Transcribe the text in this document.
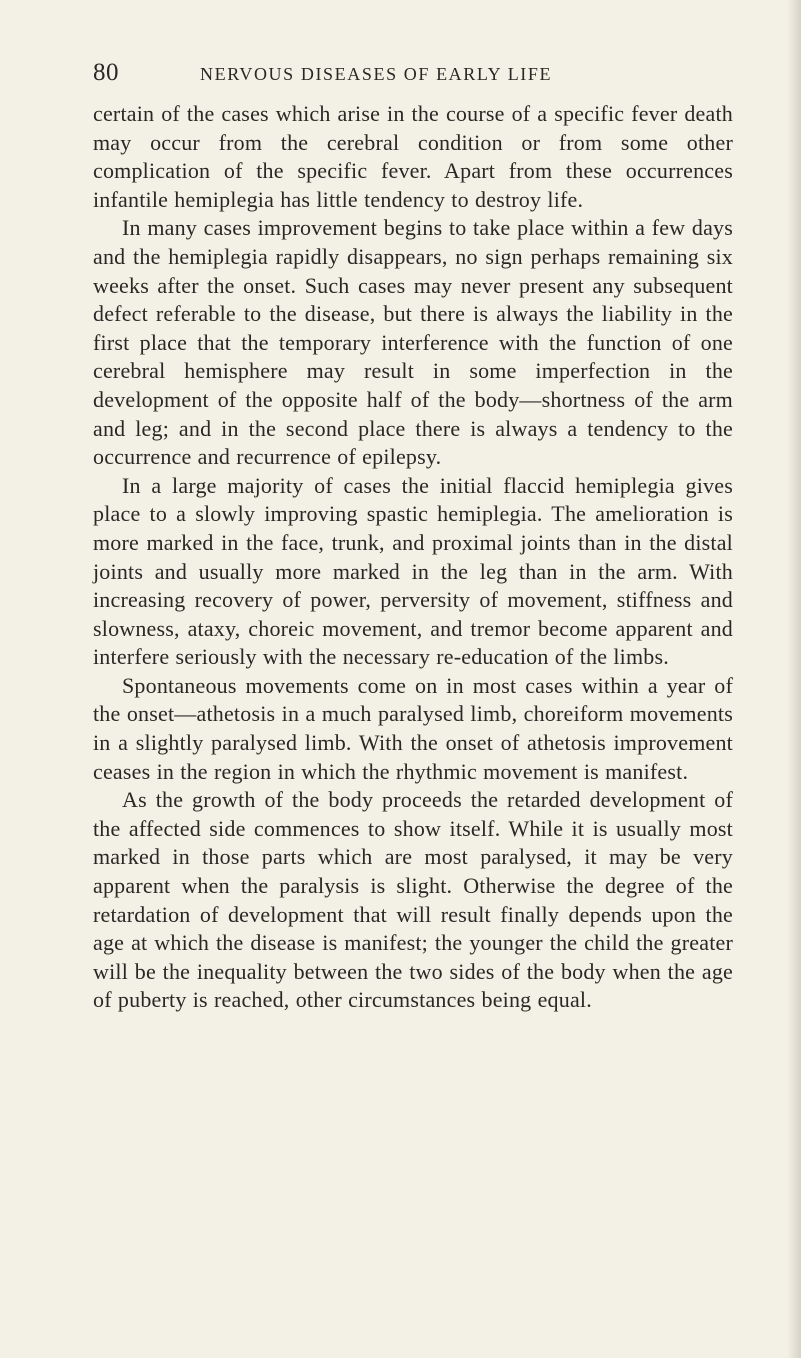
80	NERVOUS DISEASES OF EARLY LIFE

certain of the cases which arise in the course of a specific fever death may occur from the cerebral condition or from some other complication of the specific fever. Apart from these occurrences infantile hemiplegia has little tendency to destroy life.

In many cases improvement begins to take place within a few days and the hemiplegia rapidly disappears, no sign perhaps remaining six weeks after the onset. Such cases may never present any subsequent defect referable to the disease, but there is always the liability in the first place that the temporary interference with the function of one cerebral hemisphere may result in some imperfection in the development of the opposite half of the body—shortness of the arm and leg; and in the second place there is always a tendency to the occurrence and recurrence of epilepsy.

In a large majority of cases the initial flaccid hemiplegia gives place to a slowly improving spastic hemiplegia. The amelioration is more marked in the face, trunk, and proximal joints than in the distal joints and usually more marked in the leg than in the arm. With increasing recovery of power, perversity of movement, stiffness and slowness, ataxy, choreic movement, and tremor become apparent and interfere seriously with the necessary re-education of the limbs.

Spontaneous movements come on in most cases within a year of the onset—athetosis in a much paralysed limb, choreiform movements in a slightly paralysed limb. With the onset of athetosis improvement ceases in the region in which the rhythmic movement is manifest.

As the growth of the body proceeds the retarded development of the affected side commences to show itself. While it is usually most marked in those parts which are most paralysed, it may be very apparent when the paralysis is slight. Otherwise the degree of the retardation of development that will result finally depends upon the age at which the disease is manifest; the younger the child the greater will be the inequality between the two sides of the body when the age of puberty is reached, other circumstances being equal.
